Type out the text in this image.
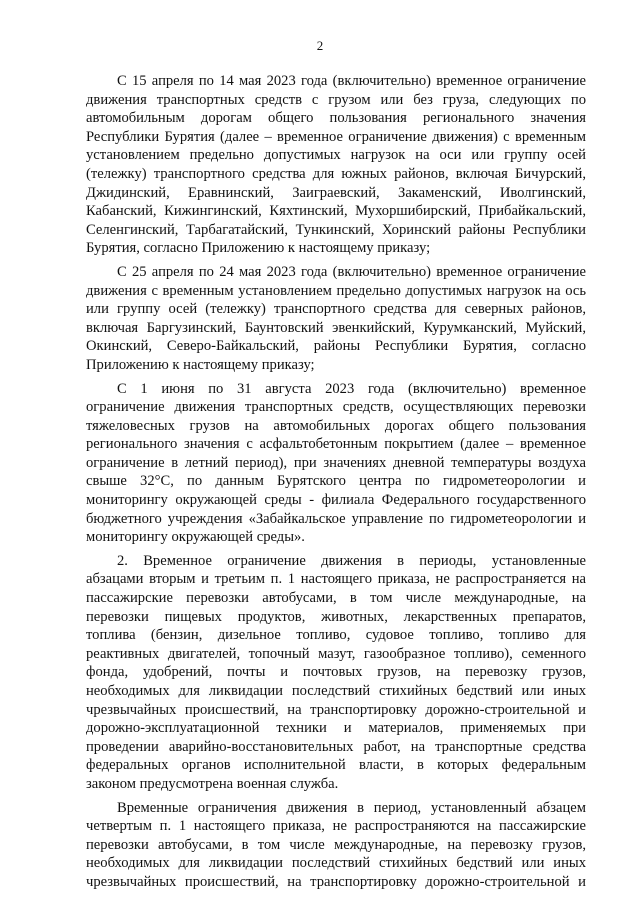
2

С 15 апреля по 14 мая 2023 года (включительно) временное ограничение

движения транспортных средств с грузом или без груза, следующих по

автомобильным дорогам общего пользования регионального значения

Республики Бурятия (далее – временное ограничение движения) с временным

установлением предельно допустимых нагрузок на оси или группу осей

(тележку) транспортного средства для южных районов, включая Бичурский,

Джидинский, Еравнинский, Заиграевский, Закаменский, Иволгинский,

Кабанский, Кижингинский, Кяхтинский, Мухоршибирский, Прибайкальский,

Селенгинский, Тарбагатайский, Тункинский, Хоринский районы Республики

Бурятия, согласно Приложению к настоящему приказу;

С 25 апреля по 24 мая 2023 года (включительно) временное ограничение

движения с временным установлением предельно допустимых нагрузок на ось

или группу осей (тележку) транспортного средства для северных районов,

включая Баргузинский, Баунтовский эвенкийский, Курумканский, Муйский,

Окинский, Северо-Байкальский, районы Республики Бурятия, согласно

Приложению к настоящему приказу;

С 1 июня по 31 августа 2023 года (включительно) временное

ограничение движения транспортных средств, осуществляющих перевозки

тяжеловесных грузов на автомобильных дорогах общего пользования

регионального значения с асфальтобетонным покрытием (далее – временное

ограничение в летний период), при значениях дневной температуры воздуха

свыше 32°С, по данным Бурятского центра по гидрометеорологии и

мониторингу окружающей среды - филиала Федерального государственного

бюджетного учреждения «Забайкальское управление по гидрометеорологии и

мониторингу окружающей среды».

2. Временное ограничение движения в периоды, установленные

абзацами вторым и третьим п. 1 настоящего приказа, не распространяется на

пассажирские перевозки автобусами, в том числе международные, на

перевозки пищевых продуктов, животных, лекарственных препаратов,

топлива (бензин, дизельное топливо, судовое топливо, топливо для

реактивных двигателей, топочный мазут, газообразное топливо), семенного

фонда, удобрений, почты и почтовых грузов, на перевозку грузов,

необходимых для ликвидации последствий стихийных бедствий или иных

чрезвычайных происшествий, на транспортировку дорожно-строительной и

дорожно-эксплуатационной техники и материалов, применяемых при

проведении аварийно-восстановительных работ, на транспортные средства

федеральных органов исполнительной власти, в которых федеральным

законом предусмотрена военная служба.

Временные ограничения движения в период, установленный абзацем

четвертым п. 1 настоящего приказа, не распространяются на пассажирские

перевозки автобусами, в том числе международные, на перевозку грузов,

необходимых для ликвидации последствий стихийных бедствий или иных

чрезвычайных происшествий, на транспортировку дорожно-строительной и
